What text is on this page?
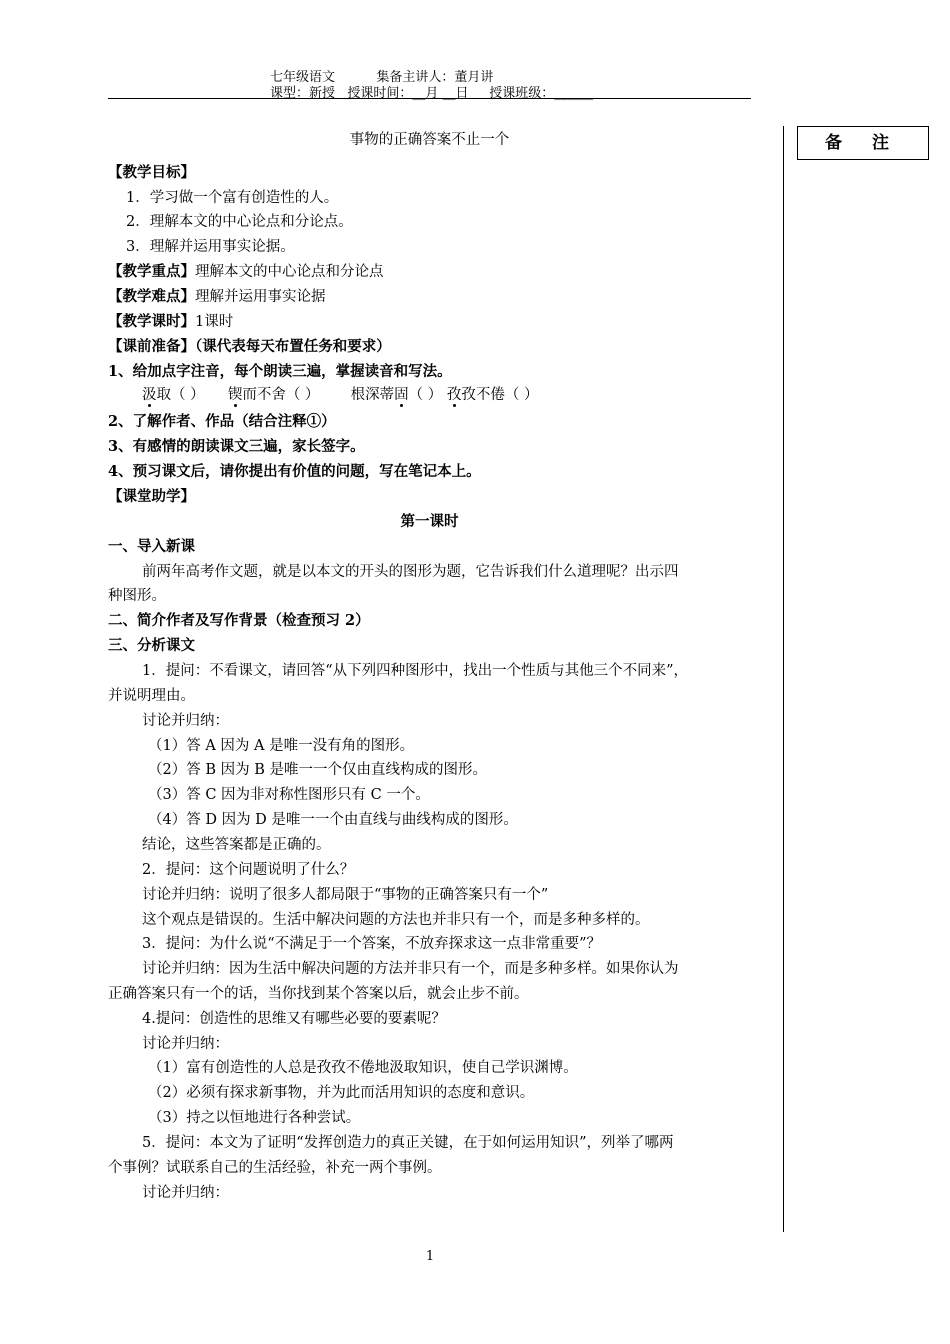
七年级语文          集备主讲人：董月讲
课型：新授   授课时间：__月 __日     授课班级：______
备 注
事物的正确答案不止一个
【教学目标】
1．学习做一个富有创造性的人。
2．理解本文的中心论点和分论点。
3．理解并运用事实论据。
【教学重点】理解本文的中心论点和分论点
【教学难点】理解并运用事实论据
【教学课时】1课时
【课前准备】（课代表每天布置任务和要求）
1、给加点字注音，每个朗读三遍，掌握读音和写法。
汲取（ ） 锲而不舍（ ） 根深蒂固（ ） 孜孜不倦（ ）
2、了解作者、作品（结合注释①）
3、有感情的朗读课文三遍，家长签字。
4、预习课文后，请你提出有价值的问题，写在笔记本上。
【课堂助学】
第一课时
一、导入新课
前两年高考作文题，就是以本文的开头的图形为题，它告诉我们什么道理呢？出示四
种图形。
二、简介作者及写作背景（检查预习 2）
三、分析课文
1．提问：不看课文，请回答“从下列四种图形中，找出一个性质与其他三个不同来”，
并说明理由。
讨论并归纳：
（1）答 A 因为 A 是唯一没有角的图形。
（2）答 B 因为 B 是唯一一个仅由直线构成的图形。
（3）答 C 因为非对称性图形只有 C 一个。
（4）答 D 因为 D 是唯一一个由直线与曲线构成的图形。
结论，这些答案都是正确的。
2．提问：这个问题说明了什么？
讨论并归纳：说明了很多人都局限于“事物的正确答案只有一个”
这个观点是错误的。生活中解决问题的方法也并非只有一个，而是多种多样的。
3．提问：为什么说“不满足于一个答案，不放弃探求这一点非常重要”？
讨论并归纳：因为生活中解决问题的方法并非只有一个，而是多种多样。如果你认为
正确答案只有一个的话，当你找到某个答案以后，就会止步不前。
4.提问：创造性的思维又有哪些必要的要素呢？
讨论并归纳：
（1）富有创造性的人总是孜孜不倦地汲取知识，使自己学识渊博。
（2）必须有探求新事物，并为此而活用知识的态度和意识。
（3）持之以恒地进行各种尝试。
5．提问：本文为了证明“发挥创造力的真正关键，在于如何运用知识”，列举了哪两
个事例？试联系自己的生活经验，补充一两个事例。
讨论并归纳：
1
